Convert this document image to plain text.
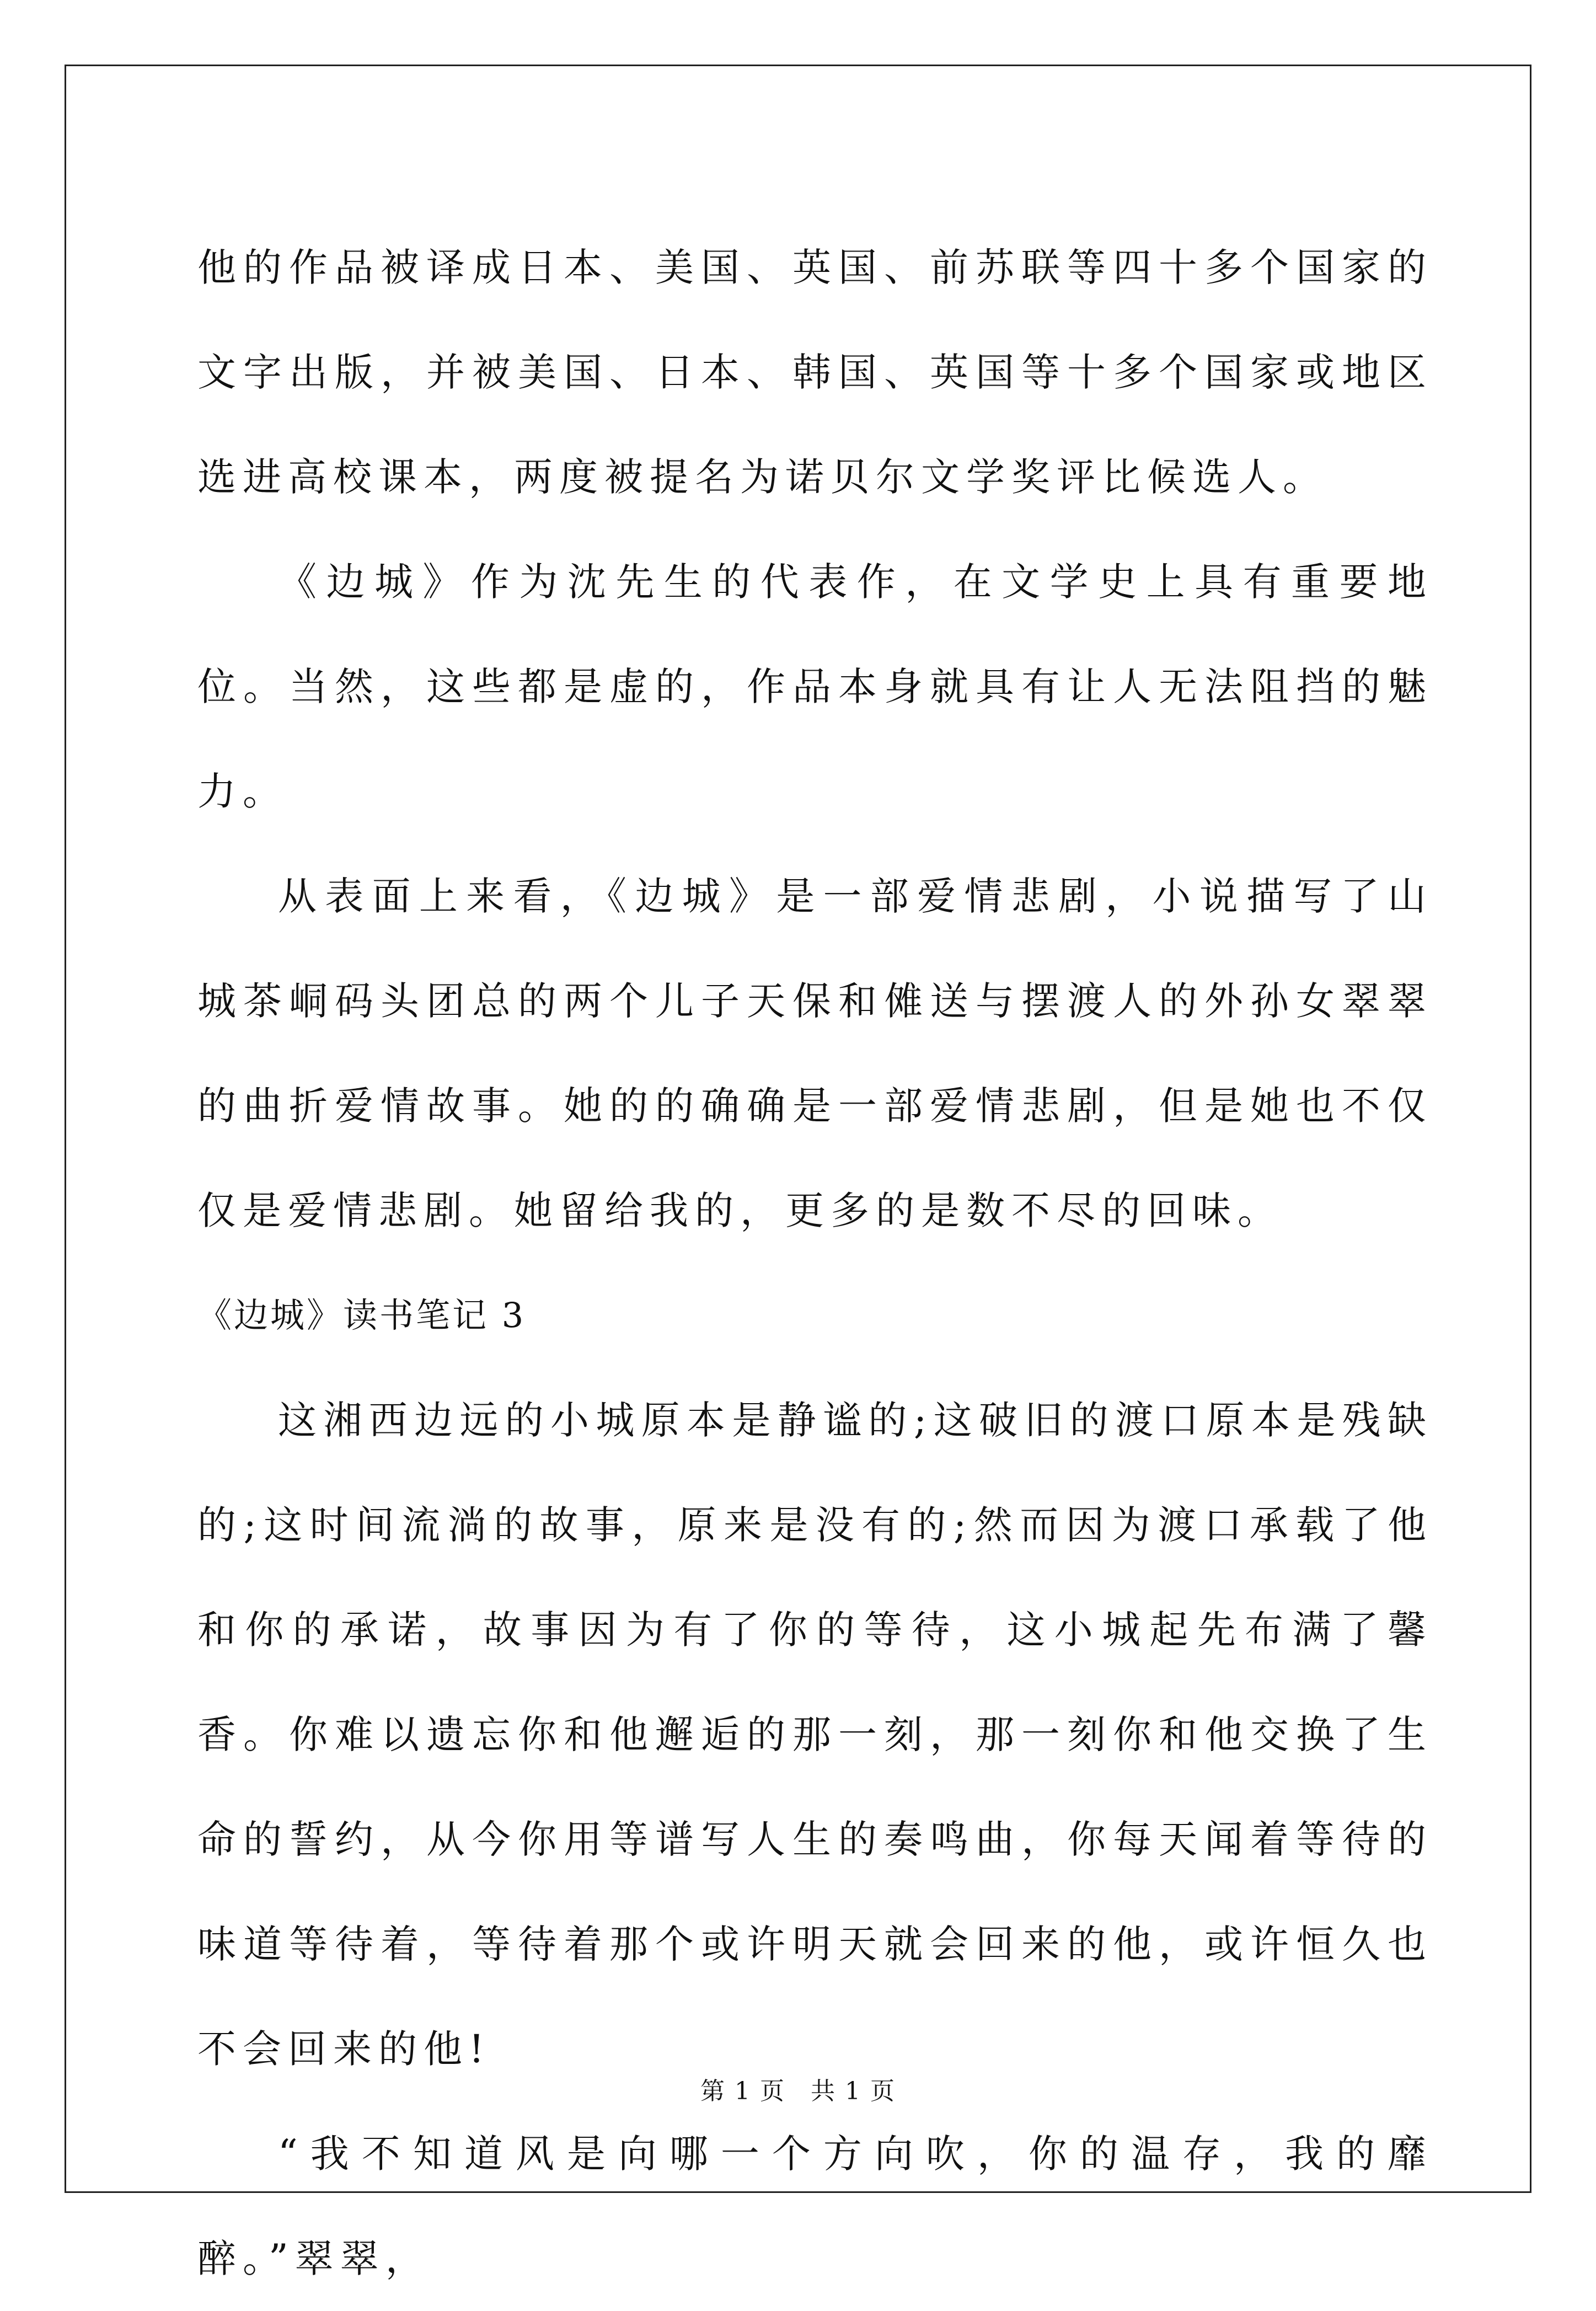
他的作品被译成日本、美国、英国、前苏联等四十多个国家的文字出版，并被美国、日本、韩国、英国等十多个国家或地区选进高校课本，两度被提名为诺贝尔文学奖评比候选人。

《边城》作为沈先生的代表作，在文学史上具有重要地位。当然，这些都是虚的，作品本身就具有让人无法阻挡的魅力。

从表面上来看，《边城》是一部爱情悲剧，小说描写了山城茶峒码头团总的两个儿子天保和傩送与摆渡人的外孙女翠翠的曲折爱情故事。她的的确确是一部爱情悲剧，但是她也不仅仅是爱情悲剧。她留给我的，更多的是数不尽的回味。

《边城》读书笔记 3

这湘西边远的小城原本是静谧的;这破旧的渡口原本是残缺的;这时间流淌的故事，原来是没有的;然而因为渡口承载了他和你的承诺，故事因为有了你的等待，这小城起先布满了馨香。你难以遗忘你和他邂逅的那一刻，那一刻你和他交换了生命的誓约，从今你用等谱写人生的奏鸣曲，你每天闻着等待的味道等待着，等待着那个或许明天就会回来的他，或许恒久也不会回来的他!

“我不知道风是向哪一个方向吹，你的温存，我的靡醉。”翠翠，

第 1 页　共 1 页
